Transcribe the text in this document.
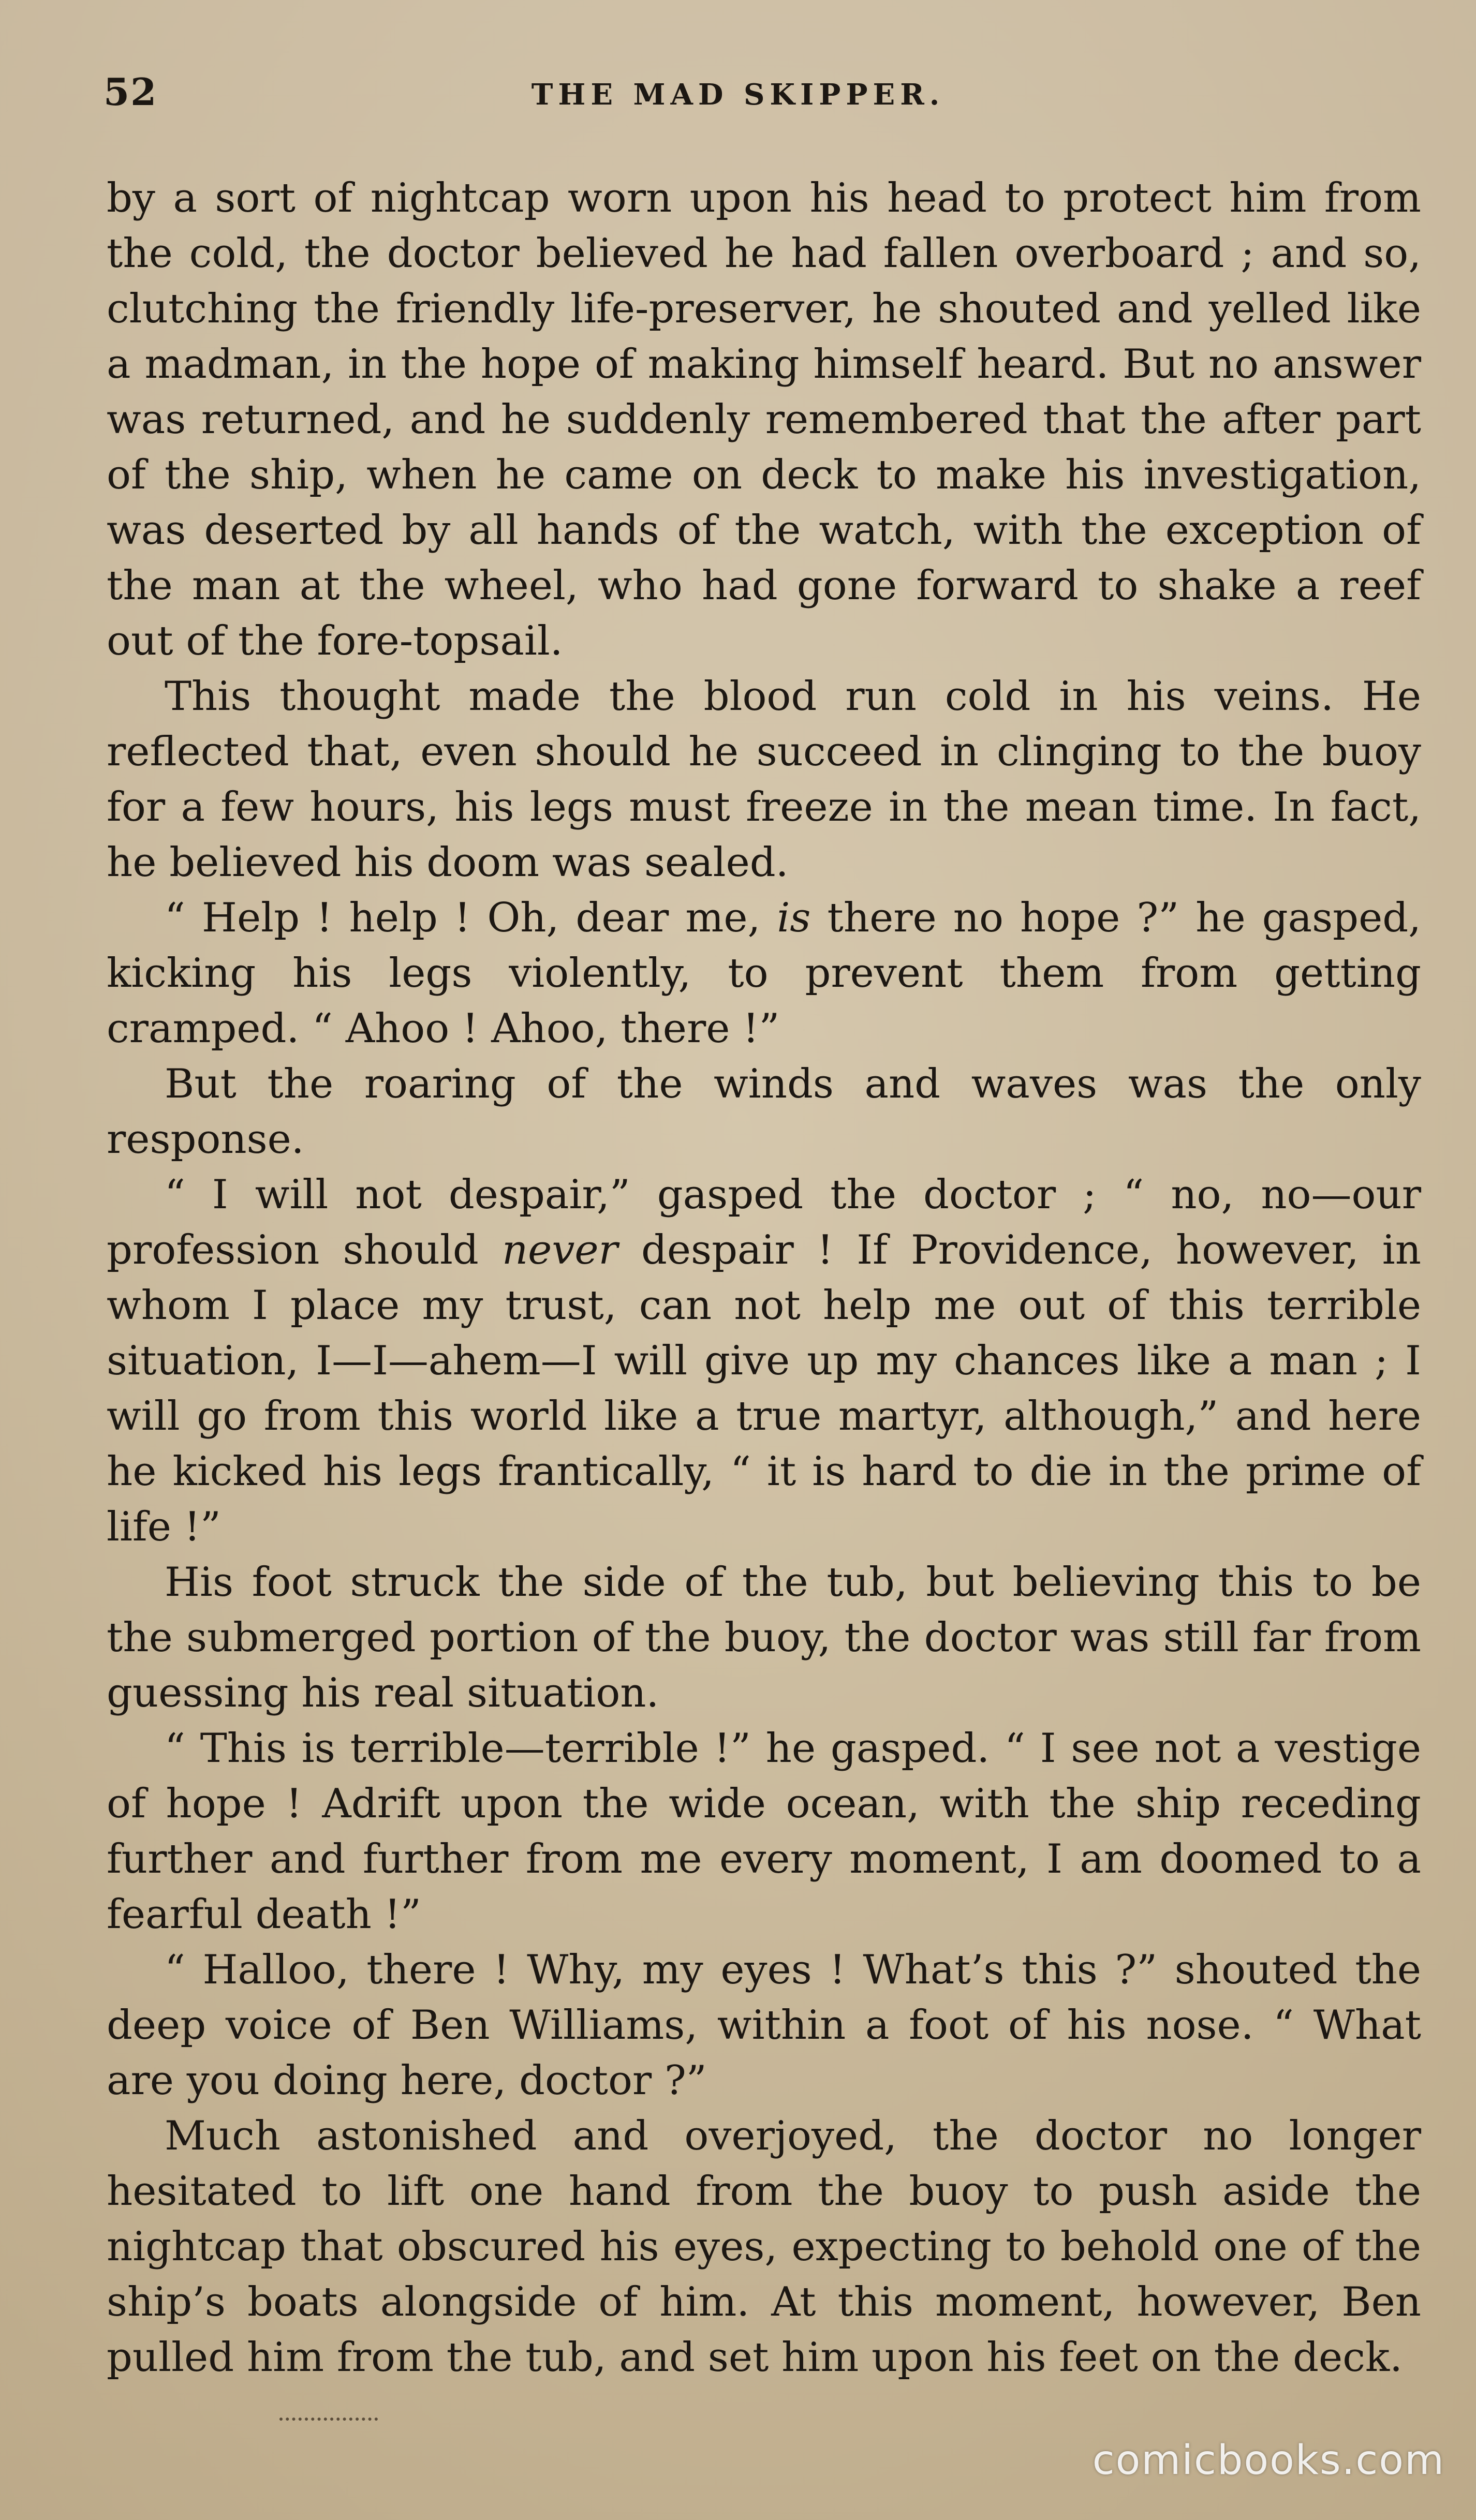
52	THE MAD SKIPPER.

by a sort of nightcap worn upon his head to protect him from the cold, the doctor believed he had fallen overboard ; and so, clutching the friendly life-preserver, he shouted and yelled like a madman, in the hope of making himself heard. But no answer was returned, and he suddenly remembered that the after part of the ship, when he came on deck to make his investigation, was deserted by all hands of the watch, with the exception of the man at the wheel, who had gone forward to shake a reef out of the fore-topsail.

This thought made the blood run cold in his veins. He reflected that, even should he succeed in clinging to the buoy for a few hours, his legs must freeze in the mean time. In fact, he believed his doom was sealed.

“ Help ! help ! Oh, dear me, is there no hope ?” he gasped, kicking his legs violently, to prevent them from getting cramped. “ Ahoo ! Ahoo, there !”

But the roaring of the winds and waves was the only response.

“ I will not despair,” gasped the doctor ; “ no, no—our profession should never despair ! If Providence, however, in whom I place my trust, can not help me out of this terrible situation, I—I—ahem—I will give up my chances like a man ; I will go from this world like a true martyr, although,” and here he kicked his legs frantically, “ it is hard to die in the prime of life !”

His foot struck the side of the tub, but believing this to be the submerged portion of the buoy, the doctor was still far from guessing his real situation.

“ This is terrible—terrible !” he gasped. “ I see not a vestige of hope ! Adrift upon the wide ocean, with the ship receding further and further from me every moment, I am doomed to a fearful death !”

“ Halloo, there ! Why, my eyes ! What’s this ?” shouted the deep voice of Ben Williams, within a foot of his nose. “ What are you doing here, doctor ?”

Much astonished and overjoyed, the doctor no longer hesitated to lift one hand from the buoy to push aside the nightcap that obscured his eyes, expecting to behold one of the ship’s boats alongside of him. At this moment, however, Ben pulled him from the tub, and set him upon his feet on the deck.

comicbooks.com
